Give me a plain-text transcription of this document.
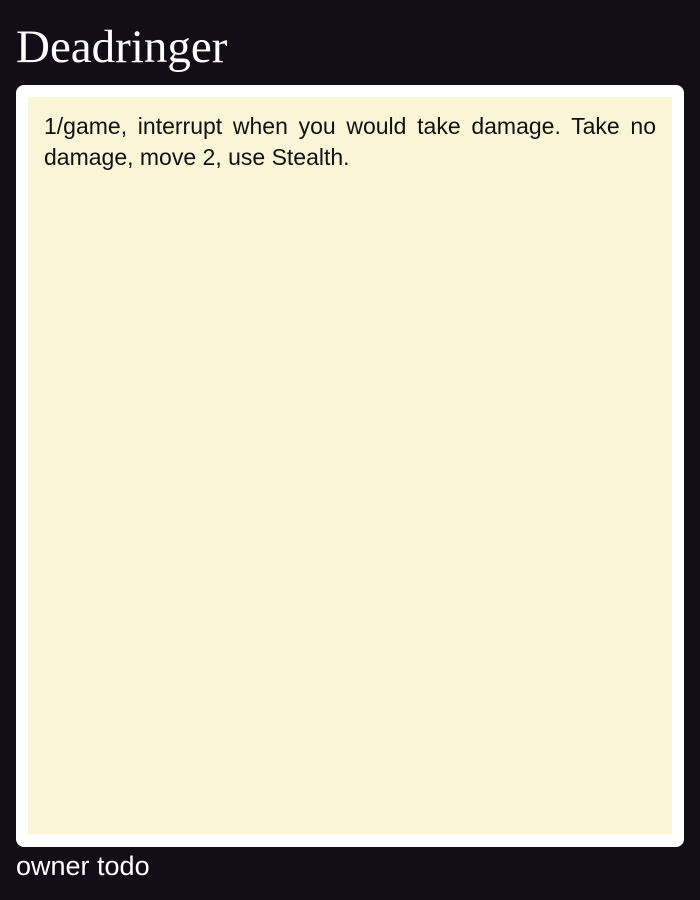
Deadringer

1/game, interrupt when you would take damage. Take no damage, move 2, use Stealth.

owner todo
